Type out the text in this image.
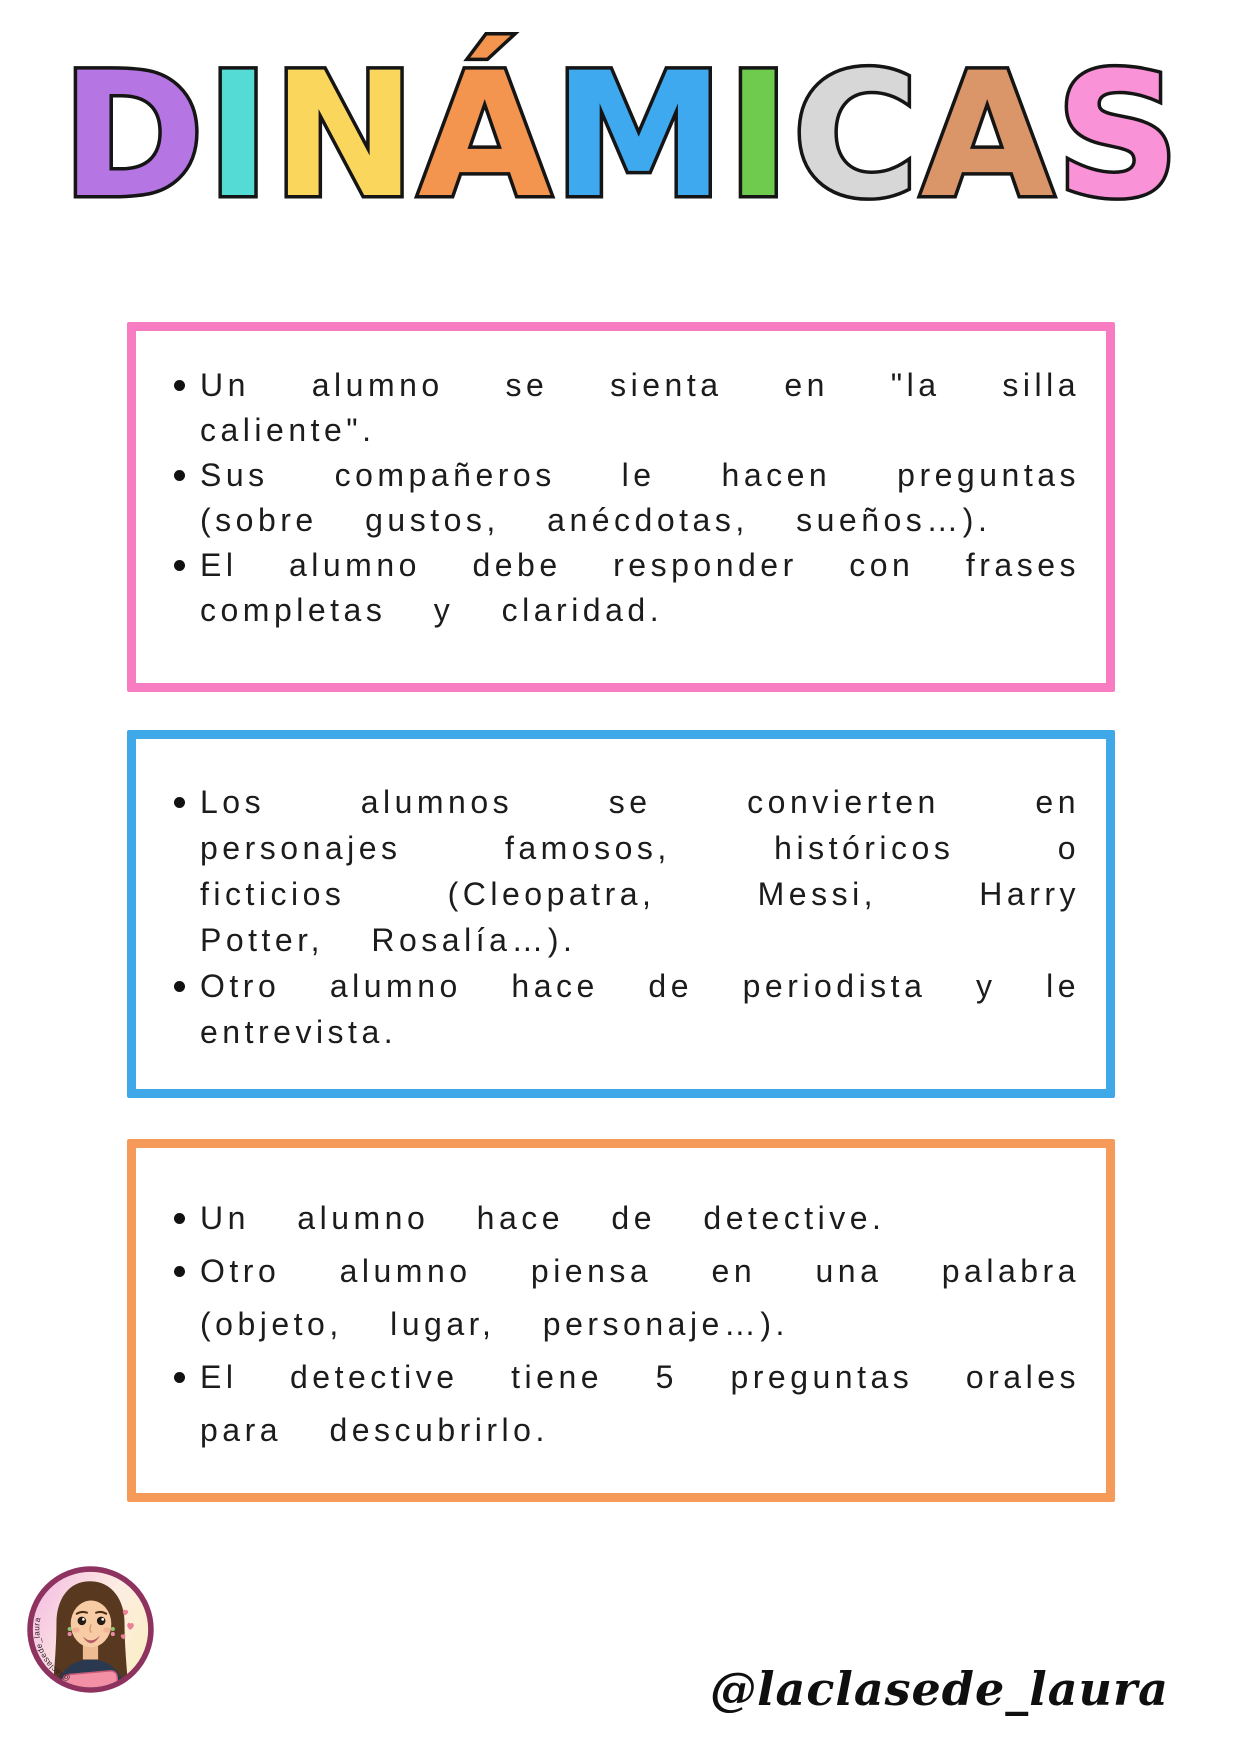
D I N Á M I C A S
Un alumno se sienta en "la silla caliente".
Sus compañeros le hacen preguntas (sobre gustos, anécdotas, sueños…).
El alumno debe responder con frases completas y claridad.
Los alumnos se convierten en personajes famosos, históricos o ficticios (Cleopatra, Messi, Harry Potter, Rosalía…).
Otro alumno hace de periodista y le entrevista.
Un alumno hace de detective.
Otro alumno piensa en una palabra (objeto, lugar, personaje…).
El detective tiene 5 preguntas orales para descubrirlo.
@laclasede_laura
@laclasede_laura
